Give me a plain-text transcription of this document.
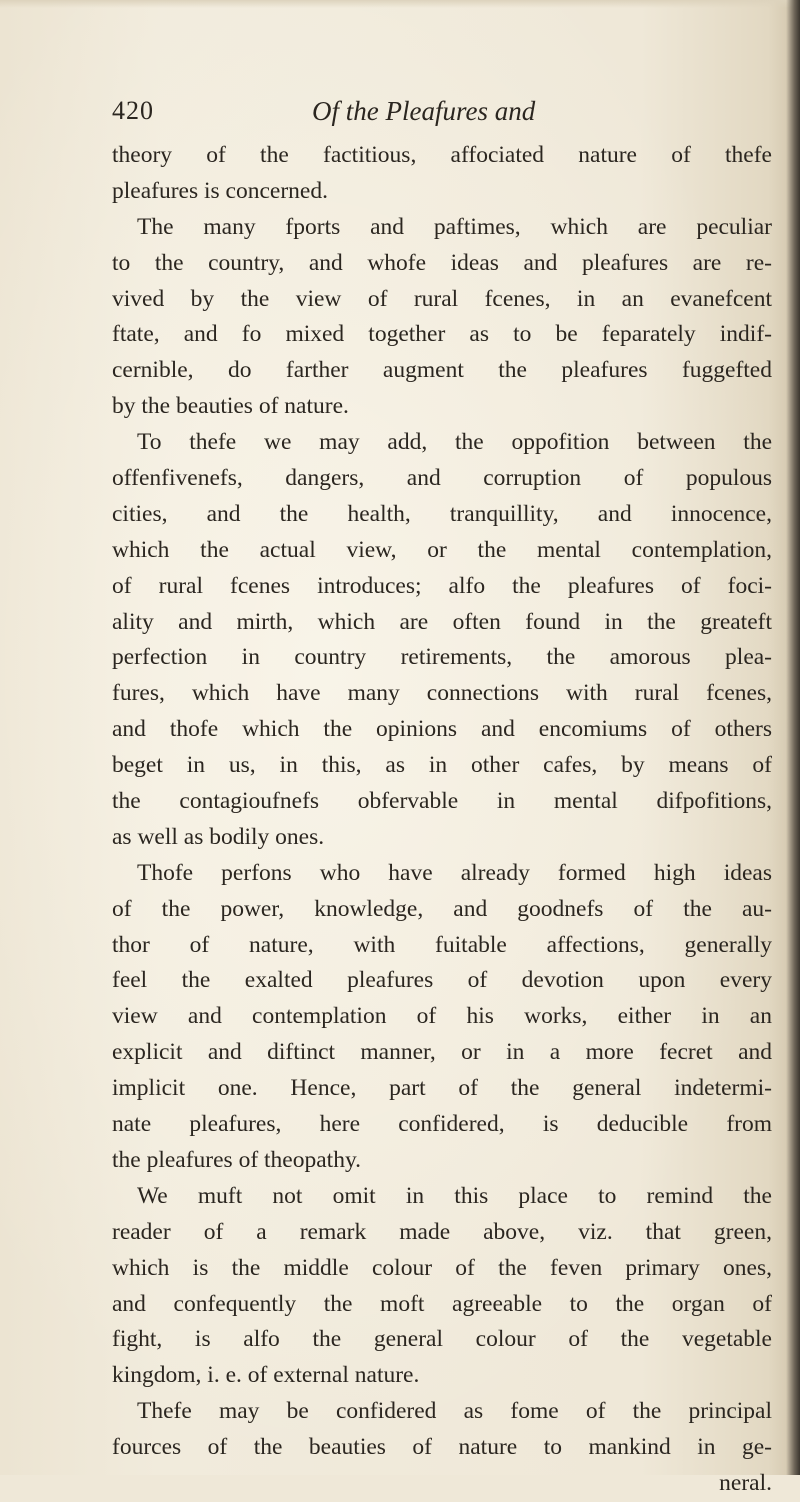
420	Of the Pleafures and
theory of the factitious, affociated nature of thefe
pleafures is concerned.
The many fports and paftimes, which are peculiar
to the country, and whofe ideas and pleafures are re-
vived by the view of rural fcenes, in an evanefcent
ftate, and fo mixed together as to be feparately indif-
cernible, do farther augment the pleafures fuggefted
by the beauties of nature.
To thefe we may add, the oppofition between the
offenfivenefs, dangers, and corruption of populous
cities, and the health, tranquillity, and innocence,
which the actual view, or the mental contemplation,
of rural fcenes introduces; alfo the pleafures of foci-
ality and mirth, which are often found in the greateft
perfection in country retirements, the amorous plea-
fures, which have many connections with rural fcenes,
and thofe which the opinions and encomiums of others
beget in us, in this, as in other cafes, by means of
the contagioufnefs obfervable in mental difpofitions,
as well as bodily ones.
Thofe perfons who have already formed high ideas
of the power, knowledge, and goodnefs of the au-
thor of nature, with fuitable affections, generally
feel the exalted pleafures of devotion upon every
view and contemplation of his works, either in an
explicit and diftinct manner, or in a more fecret and
implicit one. Hence, part of the general indetermi-
nate pleafures, here confidered, is deducible from
the pleafures of theopathy.
We muft not omit in this place to remind the
reader of a remark made above, viz. that green,
which is the middle colour of the feven primary ones,
and confequently the moft agreeable to the organ of
fight, is alfo the general colour of the vegetable
kingdom, i. e. of external nature.
Thefe may be confidered as fome of the principal
fources of the beauties of nature to mankind in ge-
neral.
